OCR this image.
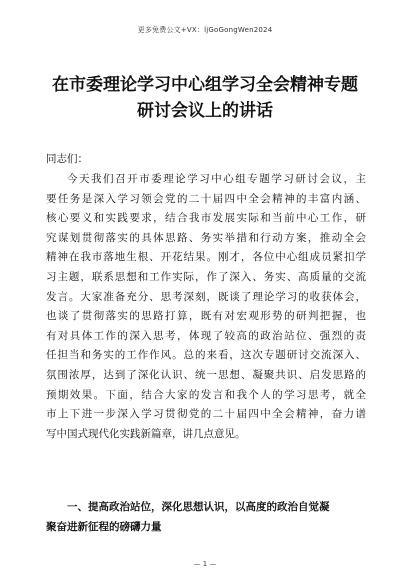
更多免费公文+VX：ljGoGongWen2024
在市委理论学习中心组学习全会精神专题
研讨会议上的讲话
同志们：
今天我们召开市委理论学习中心组专题学习研讨会议，主
要任务是深入学习领会党的二十届四中全会精神的丰富内涵、
核心要义和实践要求，结合我市发展实际和当前中心工作，研
究谋划贯彻落实的具体思路、务实举措和行动方案，推动全会
精神在我市落地生根、开花结果。刚才，各位中心组成员紧扣学
习主题，联系思想和工作实际，作了深入、务实、高质量的交流
发言。大家准备充分、思考深刻，既谈了理论学习的收获体会，
也谈了贯彻落实的思路打算，既有对宏观形势的研判把握，也
有对具体工作的深入思考，体现了较高的政治站位、强烈的责
任担当和务实的工作作风。总的来看，这次专题研讨交流深入、
氛围浓厚，达到了深化认识、统一思想、凝聚共识、启发思路的
预期效果。下面，结合大家的发言和我个人的学习思考，就全
市上下进一步深入学习贯彻党的二十届四中全会精神，奋力谱
写中国式现代化实践新篇章，讲几点意见。
一、提高政治站位，深化思想认识，以高度的政治自觉凝
聚奋进新征程的磅礴力量
— 1 —
